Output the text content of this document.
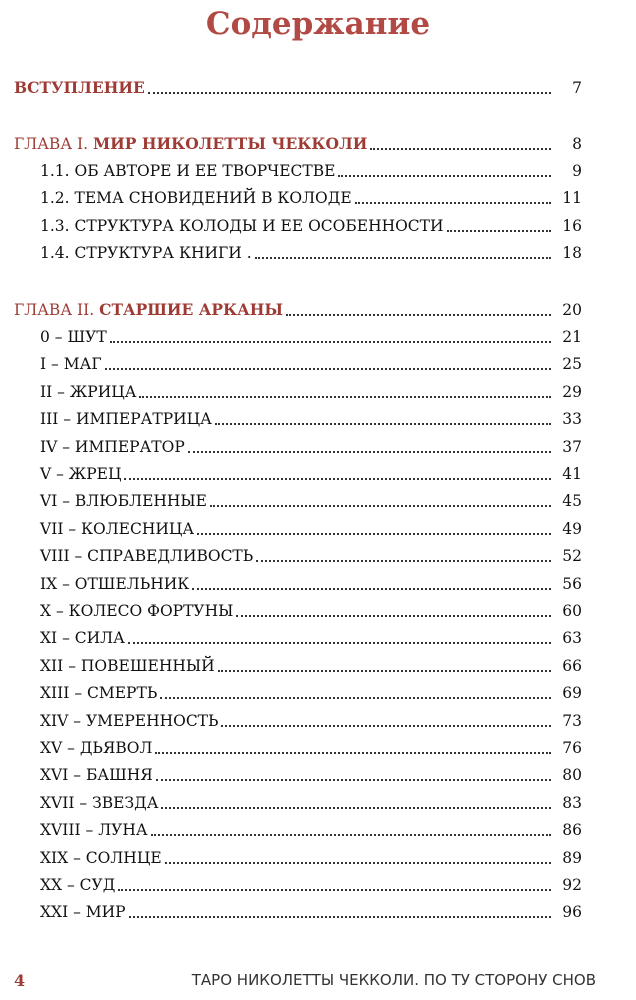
Содержание
ВСТУПЛЕНИЕ	7
ГЛАВА I. МИР НИКОЛЕТТЫ ЧЕККОЛИ	8
ГЛАВА II. СТАРШИЕ АРКАНЫ	20
1.1. ОБ АВТОРЕ И ЕЕ ТВОРЧЕСТВЕ	9
1.2. ТЕМА СНОВИДЕНИЙ В КОЛОДЕ	11
1.3. СТРУКТУРА КОЛОДЫ И ЕЕ ОСОБЕННОСТИ	16
1.4. СТРУКТУРА КНИГИ .	18
0 – ШУТ	21
I – МАГ	25
II – ЖРИЦА	29
III – ИМПЕРАТРИЦА	33
IV – ИМПЕРАТОР	37
V – ЖРЕЦ	41
VI – ВЛЮБЛЕННЫЕ	45
VII – КОЛЕСНИЦА	49
VIII – СПРАВЕДЛИВОСТЬ	52
IX – ОТШЕЛЬНИК	56
X – КОЛЕСО ФОРТУНЫ	60
XI – СИЛА	63
XII – ПОВЕШЕННЫЙ	66
XIII – СМЕРТЬ	69
XIV – УМЕРЕННОСТЬ	73
XV – ДЬЯВОЛ	76
XVI – БАШНЯ	80
XVII – ЗВЕЗДА	83
XVIII – ЛУНА	86
XIX – СОЛНЦЕ	89
XX – СУД	92
XXI – МИР	96
4	ТАРО НИКОЛЕТТЫ ЧЕККОЛИ. ПО ТУ СТОРОНУ СНОВ
